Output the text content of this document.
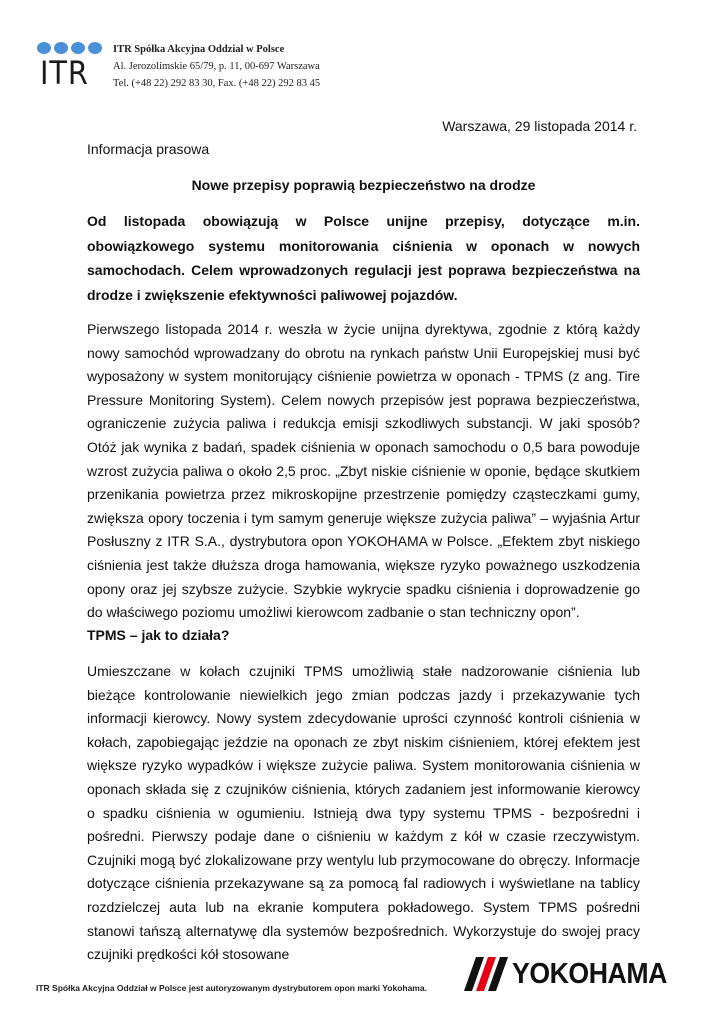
ITR
ITR Spółka Akcyjna Oddział w Polsce
Al. Jerozolimskie 65/79, p. 11, 00-697 Warszawa
Tel. (+48 22) 292 83 30, Fax. (+48 22) 292 83 45
Warszawa, 29 listopada 2014 r.
Informacja prasowa
Nowe przepisy poprawią bezpieczeństwo na drodze
Od listopada obowiązują w Polsce unijne przepisy, dotyczące m.in. obowiązkowego systemu monitorowania ciśnienia w oponach w nowych samochodach. Celem wprowadzonych regulacji jest poprawa bezpieczeństwa na drodze i zwiększenie efektywności paliwowej pojazdów.
Pierwszego listopada 2014 r. weszła w życie unijna dyrektywa, zgodnie z którą każdy nowy samochód wprowadzany do obrotu na rynkach państw Unii Europejskiej musi być wyposażony w system monitorujący ciśnienie powietrza w oponach - TPMS (z ang. Tire Pressure Monitoring System). Celem nowych przepisów jest poprawa bezpieczeństwa, ograniczenie zużycia paliwa i redukcja emisji szkodliwych substancji. W jaki sposób? Otóż jak wynika z badań, spadek ciśnienia w oponach samochodu o 0,5 bara powoduje wzrost zużycia paliwa o około 2,5 proc. „Zbyt niskie ciśnienie w oponie, będące skutkiem przenikania powietrza przez mikroskopijne przestrzenie pomiędzy cząsteczkami gumy, zwiększa opory toczenia i tym samym generuje większe zużycia paliwa” – wyjaśnia Artur Posłuszny z ITR S.A., dystrybutora opon YOKOHAMA w Polsce. „Efektem zbyt niskiego ciśnienia jest także dłuższa droga hamowania, większe ryzyko poważnego uszkodzenia opony oraz jej szybsze zużycie. Szybkie wykrycie spadku ciśnienia i doprowadzenie go do właściwego poziomu umożliwi kierowcom zadbanie o stan techniczny opon”.
TPMS – jak to działa?
Umieszczane w kołach czujniki TPMS umożliwią stałe nadzorowanie ciśnienia lub bieżące kontrolowanie niewielkich jego zmian podczas jazdy i przekazywanie tych informacji kierowcy. Nowy system zdecydowanie uprości czynność kontroli ciśnienia w kołach, zapobiegając jeździe na oponach ze zbyt niskim ciśnieniem, której efektem jest większe ryzyko wypadków i większe zużycie paliwa. System monitorowania ciśnienia w oponach składa się z czujników ciśnienia, których zadaniem jest informowanie kierowcy o spadku ciśnienia w ogumieniu. Istnieją dwa typy systemu TPMS - bezpośredni i pośredni. Pierwszy podaje dane o ciśnieniu w każdym z kół w czasie rzeczywistym. Czujniki mogą być zlokalizowane przy wentylu lub przymocowane do obręczy. Informacje dotyczące ciśnienia przekazywane są za pomocą fal radiowych i wyświetlane na tablicy rozdzielczej auta lub na ekranie komputera pokładowego. System TPMS pośredni stanowi tańszą alternatywę dla systemów bezpośrednich. Wykorzystuje do swojej pracy czujniki prędkości kół stosowane
ITR Spółka Akcyjna Oddział w Polsce jest autoryzowanym dystrybutorem opon marki Yokohama.	YOKOHAMA
